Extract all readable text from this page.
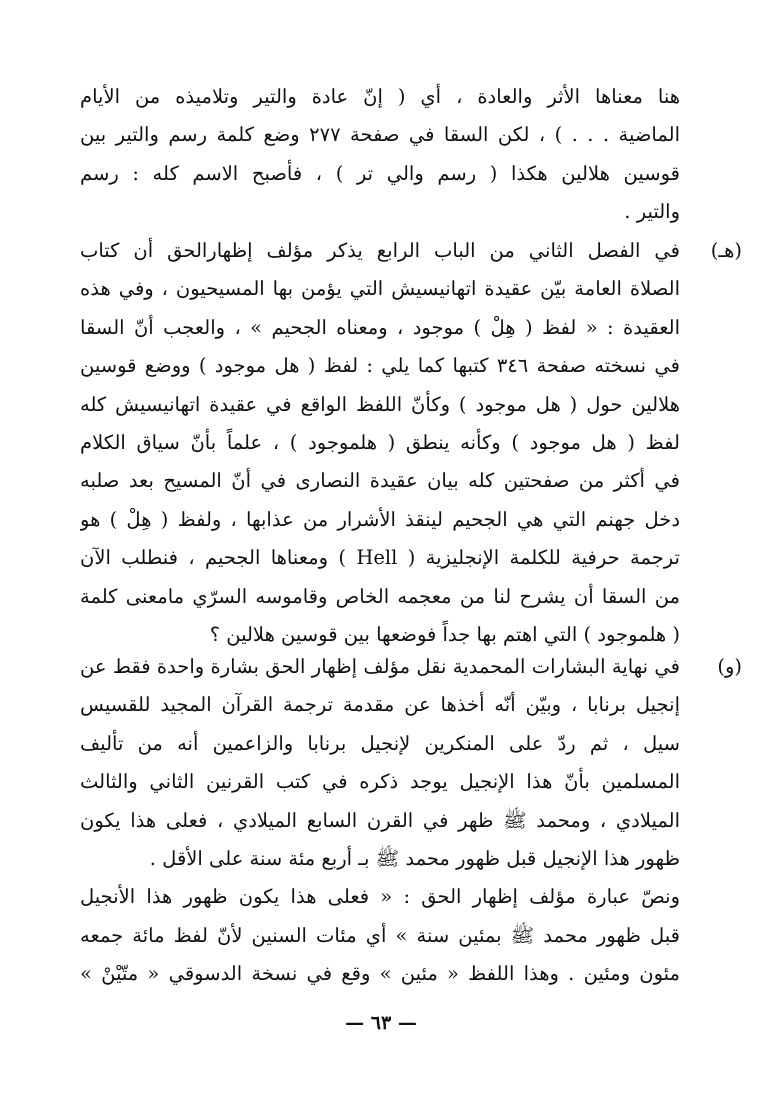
هنا معناها الأثر والعادة ، أي ( إنّ عادة والتير وتلاميذه من الأيام
الماضية . . . ) ، لكن السقا في صفحة ٢٧٧ وضع كلمة رسم والتير بين
قوسين هلالين هكذا ( رسم والي تر ) ، فأصبح الاسم كله : رسم
والتير .
(هـ)
في الفصل الثاني من الباب الرابع يذكر مؤلف إظهارالحق أن كتاب
الصلاة العامة بيّن عقيدة اتهانيسيش التي يؤمن بها المسيحيون ، وفي هذه
العقيدة : « لفظ ( هِلْ ) موجود ، ومعناه الجحيم » ، والعجب أنّ السقا
في نسخته صفحة ٣٤٦ كتبها كما يلي : لفظ ( هل موجود ) ووضع قوسين
هلالين حول ( هل موجود ) وكأنّ اللفظ الواقع في عقيدة اتهانيسيش كله
لفظ ( هل موجود ) وكأنه ينطق ( هلموجود ) ، علماً بأنّ سياق الكلام
في أكثر من صفحتين كله بيان عقيدة النصارى في أنّ المسيح بعد صلبه
دخل جهنم التي هي الجحيم لينقذ الأشرار من عذابها ، ولفظ ( هِلْ ) هو
ترجمة حرفية للكلمة الإنجليزية ( Hell ) ومعناها الجحيم ، فنطلب الآن
من السقا أن يشرح لنا من معجمه الخاص وقاموسه السرّي مامعنى كلمة
( هلموجود ) التي اهتم بها جداً فوضعها بين قوسين هلالين ؟
(و)
في نهاية البشارات المحمدية نقل مؤلف إظهار الحق بشارة واحدة فقط عن
إنجيل برنابا ، وبيّن أنّه أخذها عن مقدمة ترجمة القرآن المجيد للقسيس
سيل ، ثم ردّ على المنكرين لإنجيل برنابا والزاعمين أنه من تأليف
المسلمين بأنّ هذا الإنجيل يوجد ذكره في كتب القرنين الثاني والثالث
الميلادي ، ومحمد ﷺ ظهر في القرن السابع الميلادي ، فعلى هذا يكون
ظهور هذا الإنجيل قبل ظهور محمد ﷺ بـ أربع مئة سنة على الأقل .
ونصّ عبارة مؤلف إظهار الحق : « فعلى هذا يكون ظهور هذا الأنجيل
قبل ظهور محمد ﷺ بمئين سنة » أي مئات السنين لأنّ لفظ مائة جمعه
مئون ومئين . وهذا اللفظ « مئين » وقع في نسخة الدسوقي « متّيْنْ »
— ٦٣ —
